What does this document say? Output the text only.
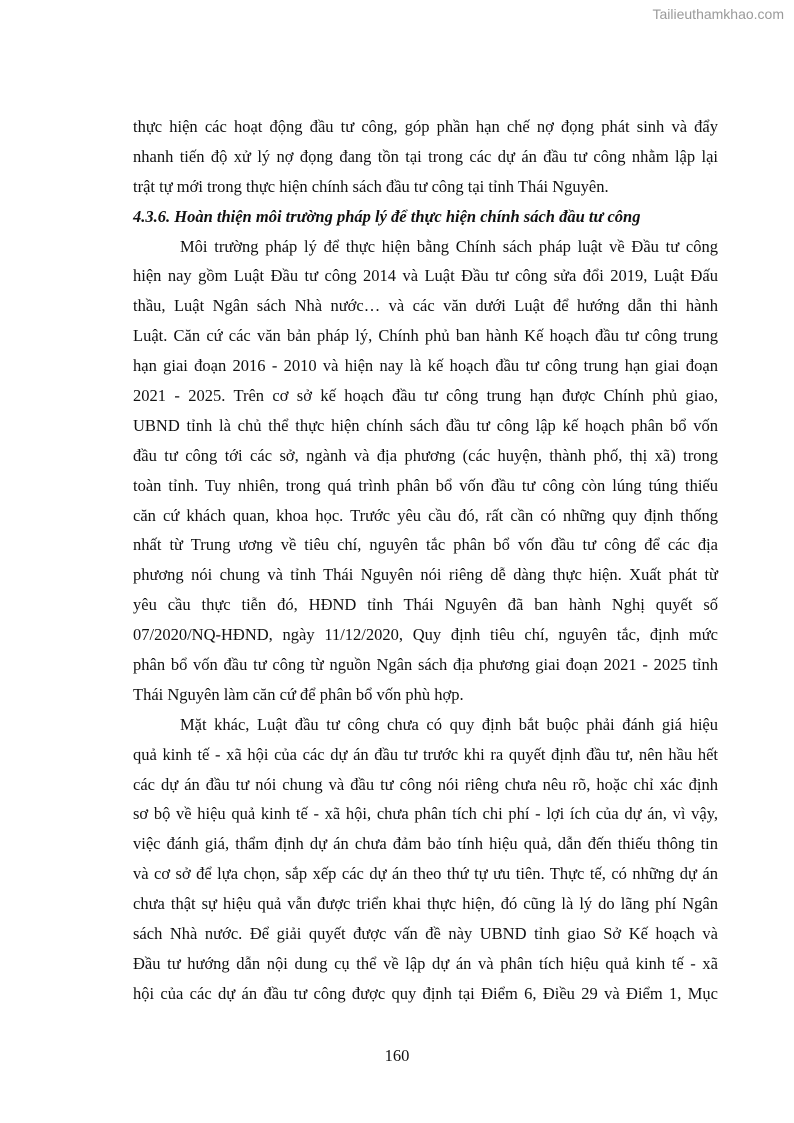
Tailieuthamkhao.com
thực hiện các hoạt động đầu tư công, góp phần hạn chế nợ đọng phát sinh và đẩy
nhanh tiến độ xử lý nợ đọng đang tồn tại trong các dự án đầu tư công nhằm lập lại
trật tự mới trong thực hiện chính sách đầu tư công tại tỉnh Thái Nguyên.
4.3.6. Hoàn thiện môi trường pháp lý để thực hiện chính sách đầu tư công
Môi trường pháp lý để thực hiện bằng Chính sách pháp luật về Đầu tư công
hiện nay gồm Luật Đầu tư công 2014 và Luật Đầu tư công sửa đổi 2019, Luật Đấu
thầu, Luật Ngân sách Nhà nước… và các văn dưới Luật để hướng dẫn thi hành
Luật. Căn cứ các văn bản pháp lý, Chính phủ ban hành Kế hoạch đầu tư công trung
hạn giai đoạn 2016 - 2010 và hiện nay là kế hoạch đầu tư công trung hạn giai đoạn
2021 - 2025. Trên cơ sở kế hoạch đầu tư công trung hạn được Chính phủ giao,
UBND tỉnh là chủ thể thực hiện chính sách đầu tư công lập kế hoạch phân bổ vốn
đầu tư công tới các sở, ngành và địa phương (các huyện, thành phố, thị xã) trong
toàn tỉnh. Tuy nhiên, trong quá trình phân bổ vốn đầu tư công còn lúng túng thiếu
căn cứ khách quan, khoa học. Trước yêu cầu đó, rất cần có những quy định thống
nhất từ Trung ương về tiêu chí, nguyên tắc phân bổ vốn đầu tư công để các địa
phương nói chung và tỉnh Thái Nguyên nói riêng dễ dàng thực hiện. Xuất phát từ
yêu cầu thực tiễn đó, HĐND tỉnh Thái Nguyên đã ban hành Nghị quyết số
07/2020/NQ-HĐND, ngày 11/12/2020, Quy định tiêu chí, nguyên tắc, định mức
phân bổ vốn đầu tư công từ nguồn Ngân sách địa phương giai đoạn 2021 - 2025 tỉnh
Thái Nguyên làm căn cứ để phân bổ vốn phù hợp.
Mặt khác, Luật đầu tư công chưa có quy định bắt buộc phải đánh giá hiệu
quả kinh tế - xã hội của các dự án đầu tư trước khi ra quyết định đầu tư, nên hầu hết
các dự án đầu tư nói chung và đầu tư công nói riêng chưa nêu rõ, hoặc chỉ xác định
sơ bộ về hiệu quả kinh tế - xã hội, chưa phân tích chi phí - lợi ích của dự án, vì vậy,
việc đánh giá, thẩm định dự án chưa đảm bảo tính hiệu quả, dẫn đến thiếu thông tin
và cơ sở để lựa chọn, sắp xếp các dự án theo thứ tự ưu tiên. Thực tế, có những dự án
chưa thật sự hiệu quả vẫn được triển khai thực hiện, đó cũng là lý do lãng phí Ngân
sách Nhà nước. Để giải quyết được vấn đề này UBND tỉnh giao Sở Kế hoạch và
Đầu tư hướng dẫn nội dung cụ thể về lập dự án và phân tích hiệu quả kinh tế - xã
hội của các dự án đầu tư công được quy định tại Điểm 6, Điều 29 và Điểm 1, Mục
160
